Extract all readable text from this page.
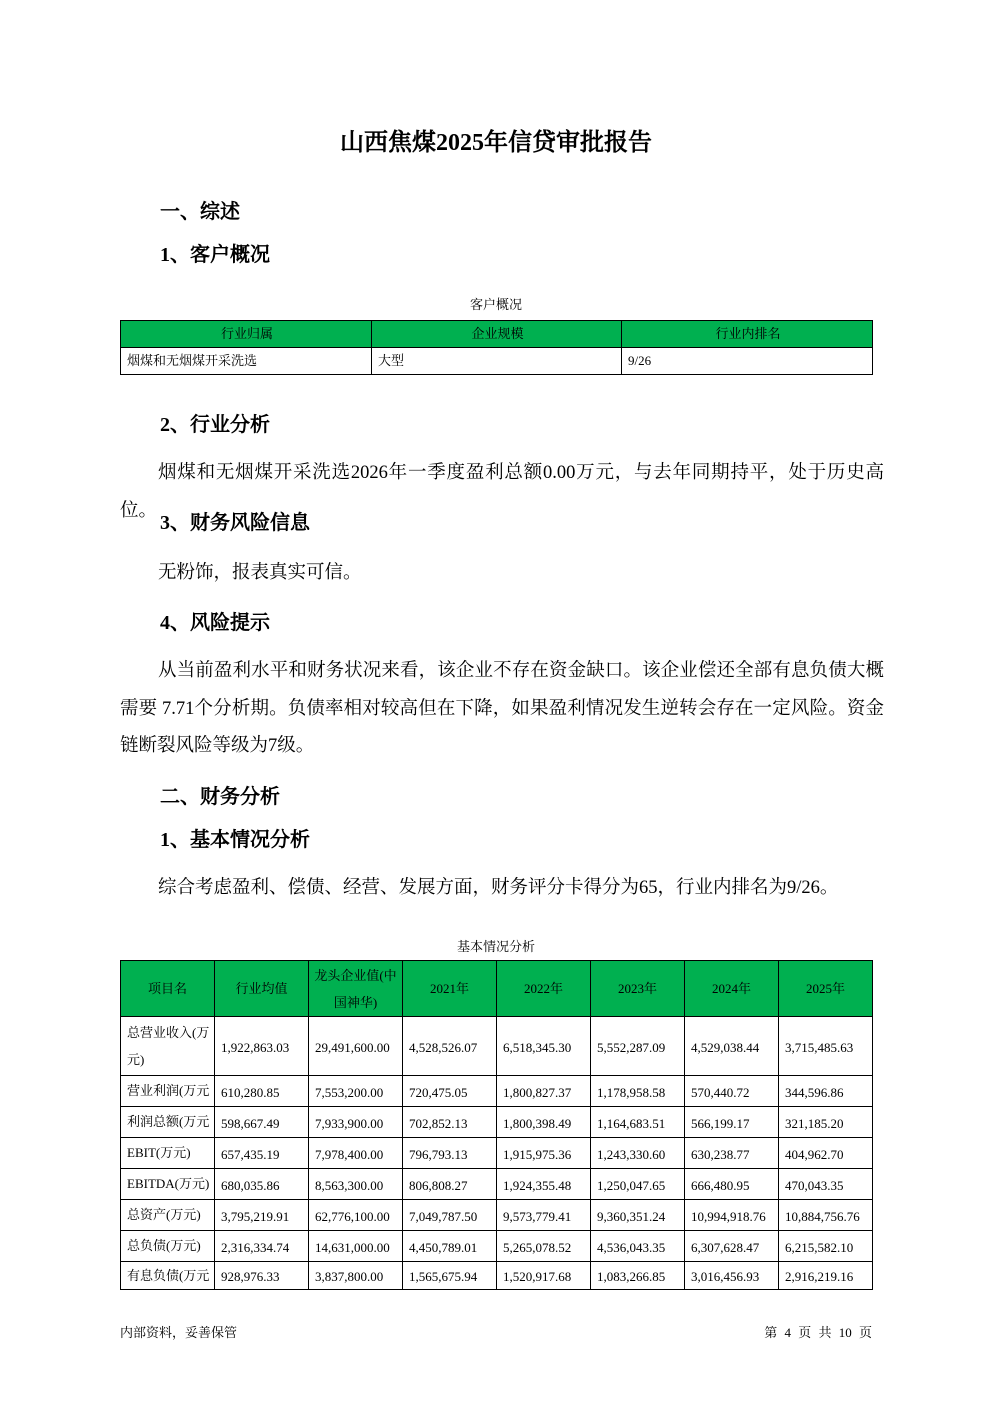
山西焦煤2025年信贷审批报告
一、综述
1、客户概况
客户概况
行业归属	企业规模	行业内排名
烟煤和无烟煤开采洗选	大型	9/26
2、行业分析
烟煤和无烟煤开采洗选2026年一季度盈利总额0.00万元，与去年同期持平，处于历史高位。
3、财务风险信息
无粉饰，报表真实可信。
4、风险提示
从当前盈利水平和财务状况来看，该企业不存在资金缺口。该企业偿还全部有息负债大概需要 7.71个分析期。负债率相对较高但在下降，如果盈利情况发生逆转会存在一定风险。资金链断裂风险等级为7级。
二、财务分析
1、基本情况分析
综合考虑盈利、偿债、经营、发展方面，财务评分卡得分为65，行业内排名为9/26。
基本情况分析
项目名	行业均值	龙头企业值(中国神华)	2021年	2022年	2023年	2024年	2025年
总营业收入(万元)	1,922,863.03	29,491,600.00	4,528,526.07	6,518,345.30	5,552,287.09	4,529,038.44	3,715,485.63
营业利润(万元	610,280.85	7,553,200.00	720,475.05	1,800,827.37	1,178,958.58	570,440.72	344,596.86
利润总额(万元	598,667.49	7,933,900.00	702,852.13	1,800,398.49	1,164,683.51	566,199.17	321,185.20
EBIT(万元)	657,435.19	7,978,400.00	796,793.13	1,915,975.36	1,243,330.60	630,238.77	404,962.70
EBITDA(万元)	680,035.86	8,563,300.00	806,808.27	1,924,355.48	1,250,047.65	666,480.95	470,043.35
总资产(万元)	3,795,219.91	62,776,100.00	7,049,787.50	9,573,779.41	9,360,351.24	10,994,918.76	10,884,756.76
总负债(万元)	2,316,334.74	14,631,000.00	4,450,789.01	5,265,078.52	4,536,043.35	6,307,628.47	6,215,582.10
有息负债(万元	928,976.33	3,837,800.00	1,565,675.94	1,520,917.68	1,083,266.85	3,016,456.93	2,916,219.16
内部资料，妥善保管	第 4 页 共 10 页
